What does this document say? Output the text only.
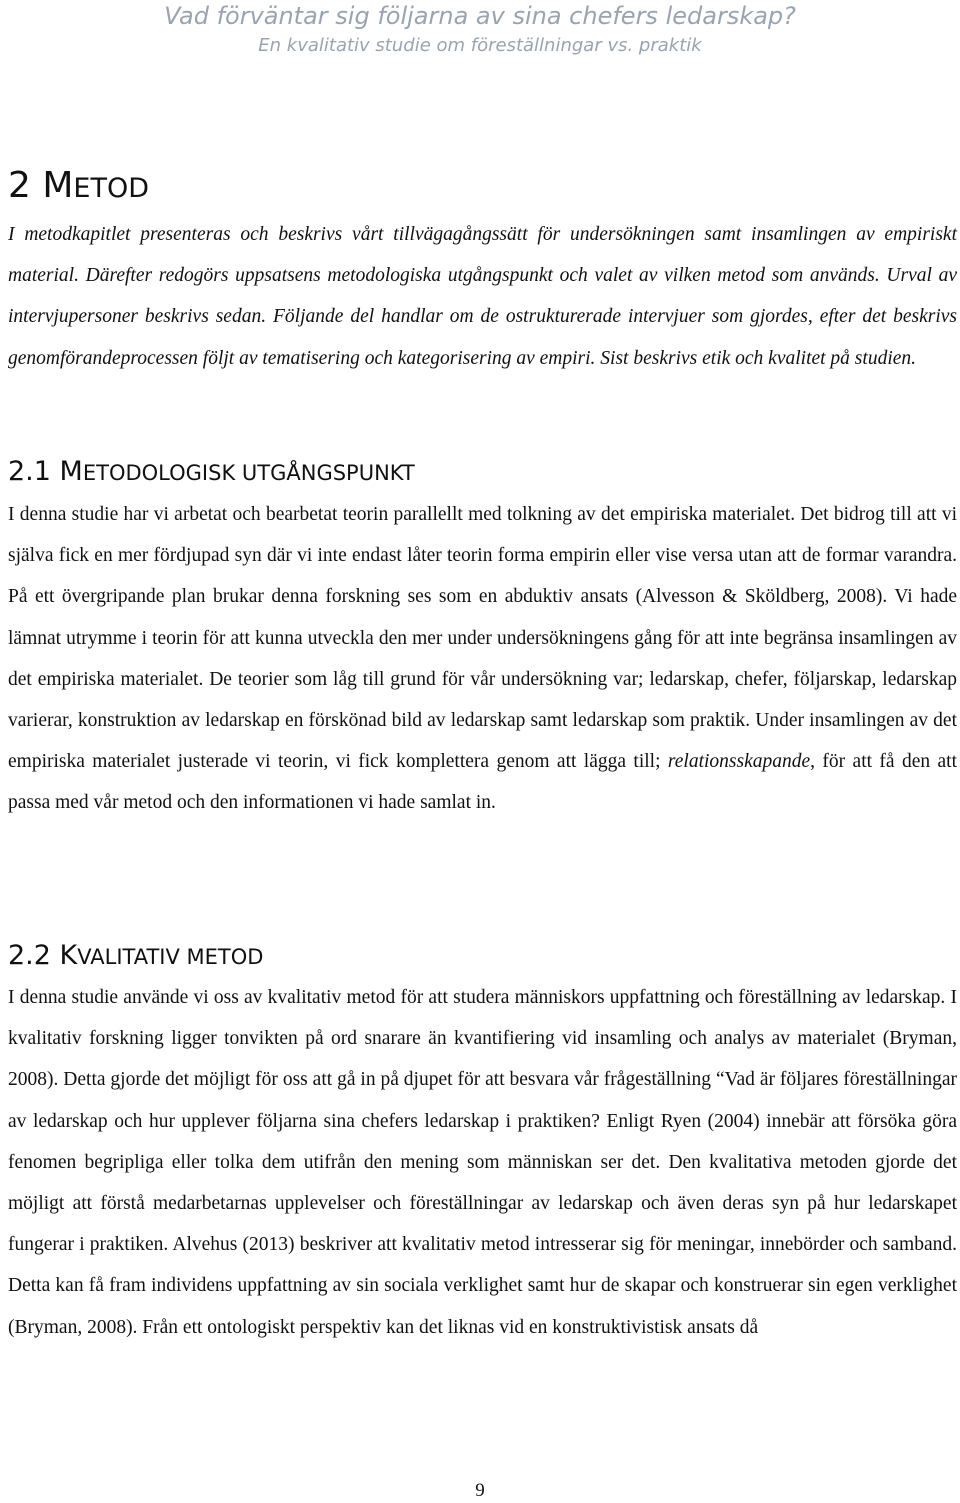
Vad förväntar sig följarna av sina chefers ledarskap?
En kvalitativ studie om föreställningar vs. praktik
2 METOD

I metodkapitlet presenteras och beskrivs vårt tillvägagångssätt för undersökningen samt insamlingen av empiriskt material. Därefter redogörs uppsatsens metodologiska utgångspunkt och valet av vilken metod som används. Urval av intervjupersoner beskrivs sedan. Följande del handlar om de ostrukturerade intervjuer som gjordes, efter det beskrivs genomförandeprocessen följt av tematisering och kategorisering av empiri. Sist beskrivs etik och kvalitet på studien.

2.1 METODOLOGISK UTGÅNGSPUNKT

I denna studie har vi arbetat och bearbetat teorin parallellt med tolkning av det empiriska materialet. Det bidrog till att vi själva fick en mer fördjupad syn där vi inte endast låter teorin forma empirin eller vise versa utan att de formar varandra. På ett övergripande plan brukar denna forskning ses som en abduktiv ansats (Alvesson & Sköldberg, 2008). Vi hade lämnat utrymme i teorin för att kunna utveckla den mer under undersökningens gång för att inte begränsa insamlingen av det empiriska materialet. De teorier som låg till grund för vår undersökning var; ledarskap, chefer, följarskap, ledarskap varierar, konstruktion av ledarskap en förskönad bild av ledarskap samt ledarskap som praktik. Under insamlingen av det empiriska materialet justerade vi teorin, vi fick komplettera genom att lägga till; relationsskapande, för att få den att passa med vår metod och den informationen vi hade samlat in.

2.2 KVALITATIV METOD

I denna studie använde vi oss av kvalitativ metod för att studera människors uppfattning och föreställning av ledarskap. I kvalitativ forskning ligger tonvikten på ord snarare än kvantifiering vid insamling och analys av materialet (Bryman, 2008). Detta gjorde det möjligt för oss att gå in på djupet för att besvara vår frågeställning “Vad är följares föreställningar av ledarskap och hur upplever följarna sina chefers ledarskap i praktiken? Enligt Ryen (2004) innebär att försöka göra fenomen begripliga eller tolka dem utifrån den mening som människan ser det. Den kvalitativa metoden gjorde det möjligt att förstå medarbetarnas upplevelser och föreställningar av ledarskap och även deras syn på hur ledarskapet fungerar i praktiken. Alvehus (2013) beskriver att kvalitativ metod intresserar sig för meningar, innebörder och samband. Detta kan få fram individens uppfattning av sin sociala verklighet samt hur de skapar och konstruerar sin egen verklighet (Bryman, 2008). Från ett ontologiskt perspektiv kan det liknas vid en konstruktivistisk ansats då

9
